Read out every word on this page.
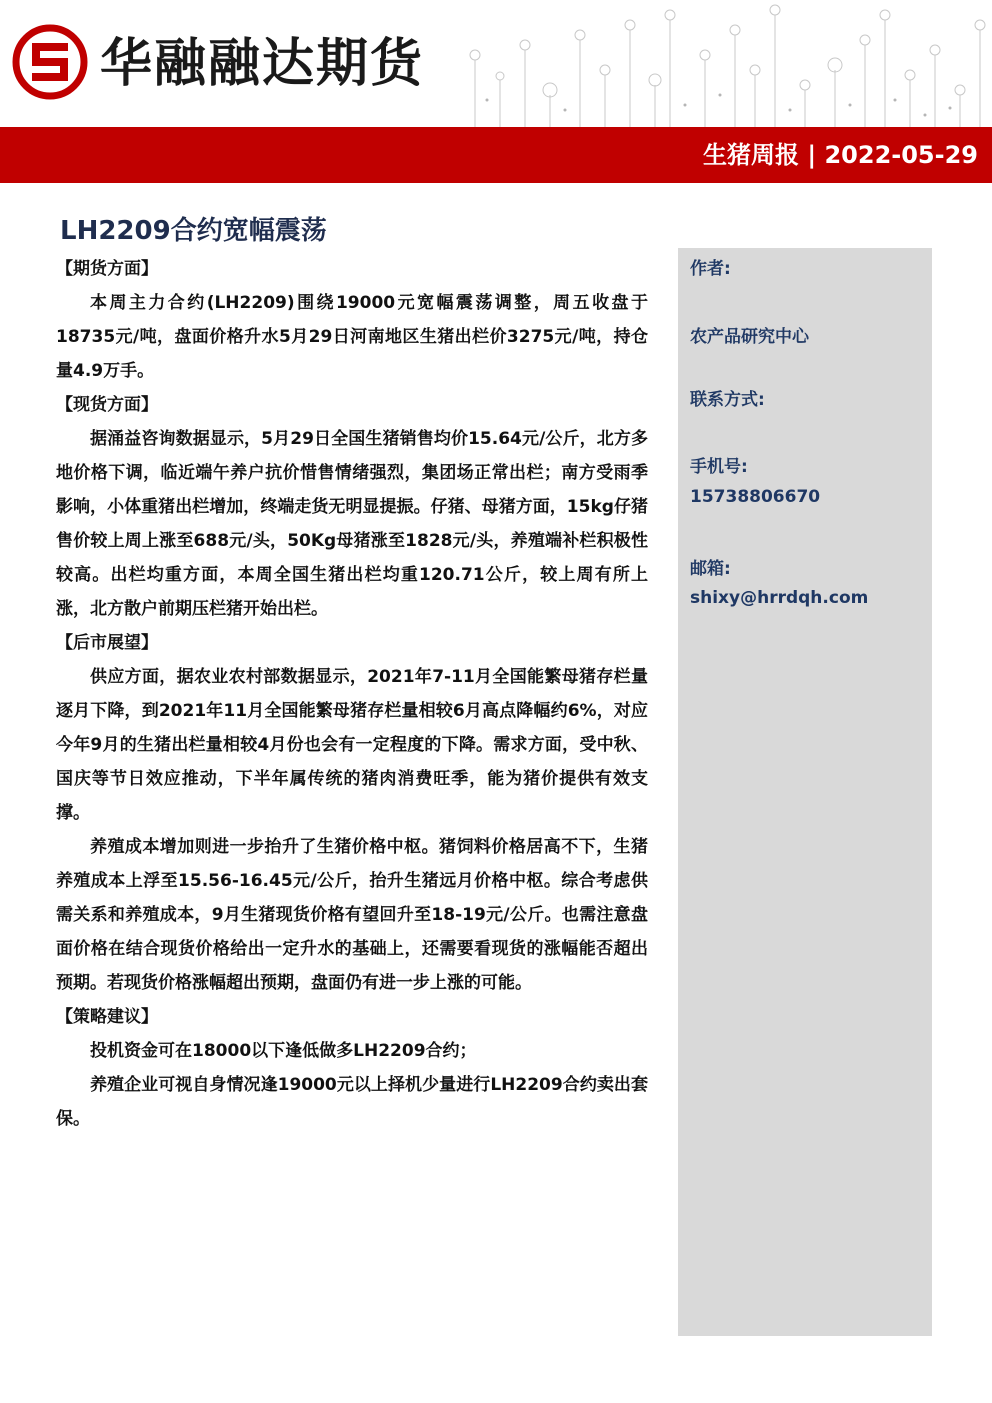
华融融达期货
生猪周报 | 2022-05-29
LH2209合约宽幅震荡

【期货方面】

本周主力合约(LH2209)围绕19000元宽幅震荡调整，周五收盘于18735元/吨，盘面价格升水5月29日河南地区生猪出栏价3275元/吨，持仓量4.9万手。

【现货方面】

据涌益咨询数据显示，5月29日全国生猪销售均价15.64元/公斤，北方多地价格下调，临近端午养户抗价惜售情绪强烈，集团场正常出栏；南方受雨季影响，小体重猪出栏增加，终端走货无明显提振。仔猪、母猪方面，15kg仔猪售价较上周上涨至688元/头，50Kg母猪涨至1828元/头，养殖端补栏积极性较高。出栏均重方面，本周全国生猪出栏均重120.71公斤，较上周有所上涨，北方散户前期压栏猪开始出栏。

【后市展望】

供应方面，据农业农村部数据显示，2021年7-11月全国能繁母猪存栏量逐月下降，到2021年11月全国能繁母猪存栏量相较6月高点降幅约6%，对应今年9月的生猪出栏量相较4月份也会有一定程度的下降。需求方面，受中秋、国庆等节日效应推动，下半年属传统的猪肉消费旺季，能为猪价提供有效支撑。

养殖成本增加则进一步抬升了生猪价格中枢。猪饲料价格居高不下，生猪养殖成本上浮至15.56-16.45元/公斤，抬升生猪远月价格中枢。综合考虑供需关系和养殖成本，9月生猪现货价格有望回升至18-19元/公斤。也需注意盘面价格在结合现货价格给出一定升水的基础上，还需要看现货的涨幅能否超出预期。若现货价格涨幅超出预期，盘面仍有进一步上涨的可能。

【策略建议】

投机资金可在18000以下逢低做多LH2209合约；

养殖企业可视自身情况逢19000元以上择机少量进行LH2209合约卖出套保。

作者:
农产品研究中心
联系方式:
手机号:
15738806670
邮箱:
shixy@hrrdqh.com
